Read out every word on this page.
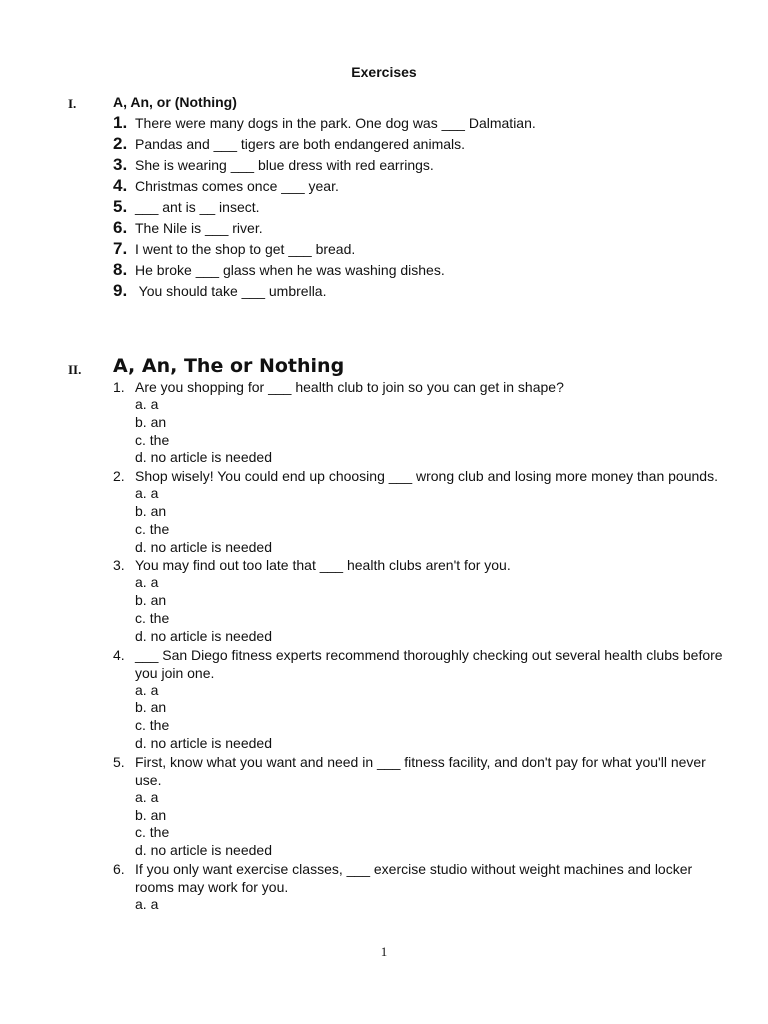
Exercises
I.	A, An, or (Nothing)
1. There were many dogs in the park. One dog was ___ Dalmatian.
2. Pandas and ___ tigers are both endangered animals.
3. She is wearing ___ blue dress with red earrings.
4. Christmas comes once ___ year.
5. ___ ant is __ insect.
6. The Nile is ___ river.
7. I went to the shop to get ___ bread.
8. He broke ___ glass when he was washing dishes.
9. You should take ___ umbrella.
II. A, An, The or Nothing
1. Are you shopping for ___ health club to join so you can get in shape?
a. a
b. an
c. the
d. no article is needed
2. Shop wisely! You could end up choosing ___ wrong club and losing more money than pounds.
a. a
b. an
c. the
d. no article is needed
3. You may find out too late that ___ health clubs aren't for you.
a. a
b. an
c. the
d. no article is needed
4. ___ San Diego fitness experts recommend thoroughly checking out several health clubs before you join one.
a. a
b. an
c. the
d. no article is needed
5. First, know what you want and need in ___ fitness facility, and don't pay for what you'll never use.
a. a
b. an
c. the
d. no article is needed
6. If you only want exercise classes, ___ exercise studio without weight machines and locker rooms may work for you.
a. a
1
